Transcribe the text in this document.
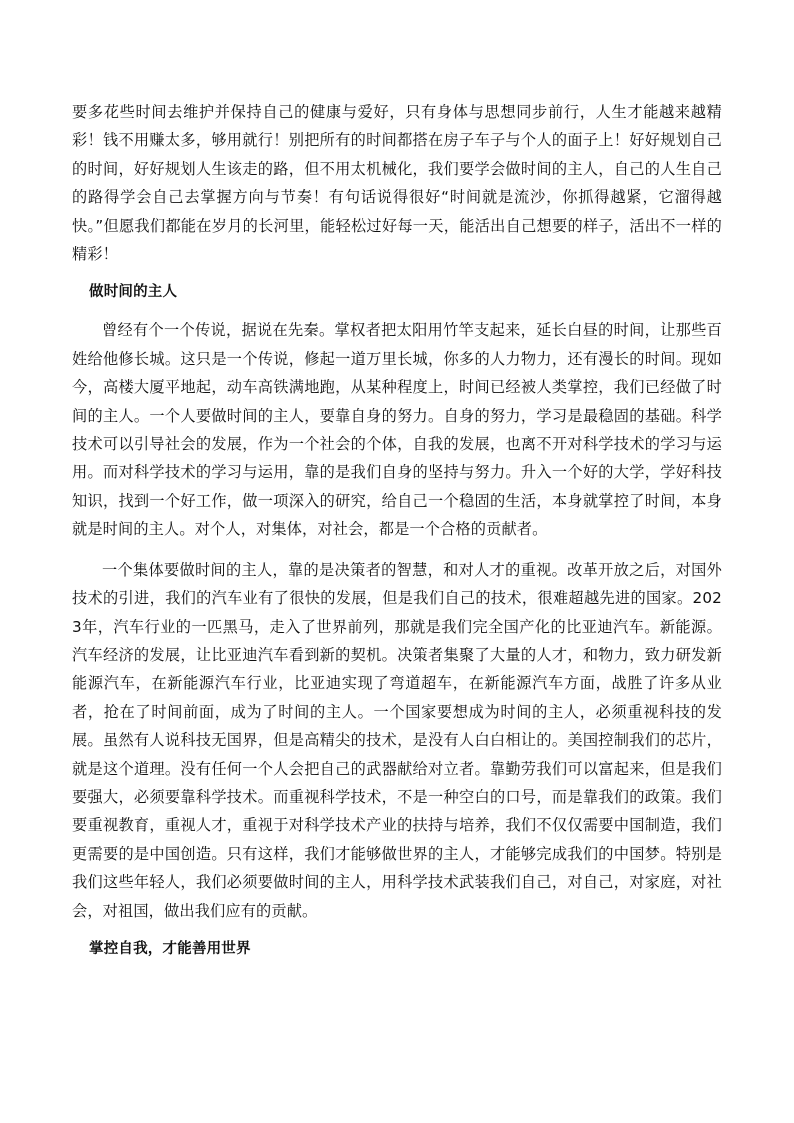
要多花些时间去维护并保持自己的健康与爱好，只有身体与思想同步前行，人生才能越来越精彩！钱不用赚太多，够用就行！别把所有的时间都搭在房子车子与个人的面子上！好好规划自己的时间，好好规划人生该走的路，但不用太机械化，我们要学会做时间的主人，自己的人生自己的路得学会自己去掌握方向与节奏！有句话说得很好“时间就是流沙，你抓得越紧，它溜得越快。”但愿我们都能在岁月的长河里，能轻松过好每一天，能活出自己想要的样子，活出不一样的精彩！

做时间的主人

曾经有个一个传说，据说在先秦。掌权者把太阳用竹竿支起来，延长白昼的时间，让那些百姓给他修长城。这只是一个传说，修起一道万里长城，你多的人力物力，还有漫长的时间。现如今，高楼大厦平地起，动车高铁满地跑，从某种程度上，时间已经被人类掌控，我们已经做了时间的主人。一个人要做时间的主人，要靠自身的努力。自身的努力，学习是最稳固的基础。科学技术可以引导社会的发展，作为一个社会的个体，自我的发展，也离不开对科学技术的学习与运用。而对科学技术的学习与运用，靠的是我们自身的坚持与努力。升入一个好的大学，学好科技知识，找到一个好工作，做一项深入的研究，给自己一个稳固的生活，本身就掌控了时间，本身就是时间的主人。对个人，对集体，对社会，都是一个合格的贡献者。

一个集体要做时间的主人，靠的是决策者的智慧，和对人才的重视。改革开放之后，对国外技术的引进，我们的汽车业有了很快的发展，但是我们自己的技术，很难超越先进的国家。2023年，汽车行业的一匹黑马，走入了世界前列，那就是我们完全国产化的比亚迪汽车。新能源。汽车经济的发展，让比亚迪汽车看到新的契机。决策者集聚了大量的人才，和物力，致力研发新能源汽车，在新能源汽车行业，比亚迪实现了弯道超车，在新能源汽车方面，战胜了许多从业者，抢在了时间前面，成为了时间的主人。一个国家要想成为时间的主人，必须重视科技的发展。虽然有人说科技无国界，但是高精尖的技术，是没有人白白相让的。美国控制我们的芯片，就是这个道理。没有任何一个人会把自己的武器献给对立者。靠勤劳我们可以富起来，但是我们要强大，必须要靠科学技术。而重视科学技术，不是一种空白的口号，而是靠我们的政策。我们要重视教育，重视人才，重视于对科学技术产业的扶持与培养，我们不仅仅需要中国制造，我们更需要的是中国创造。只有这样，我们才能够做世界的主人，才能够完成我们的中国梦。特别是我们这些年轻人，我们必须要做时间的主人，用科学技术武装我们自己，对自己，对家庭，对社会，对祖国，做出我们应有的贡献。

掌控自我，才能善用世界
